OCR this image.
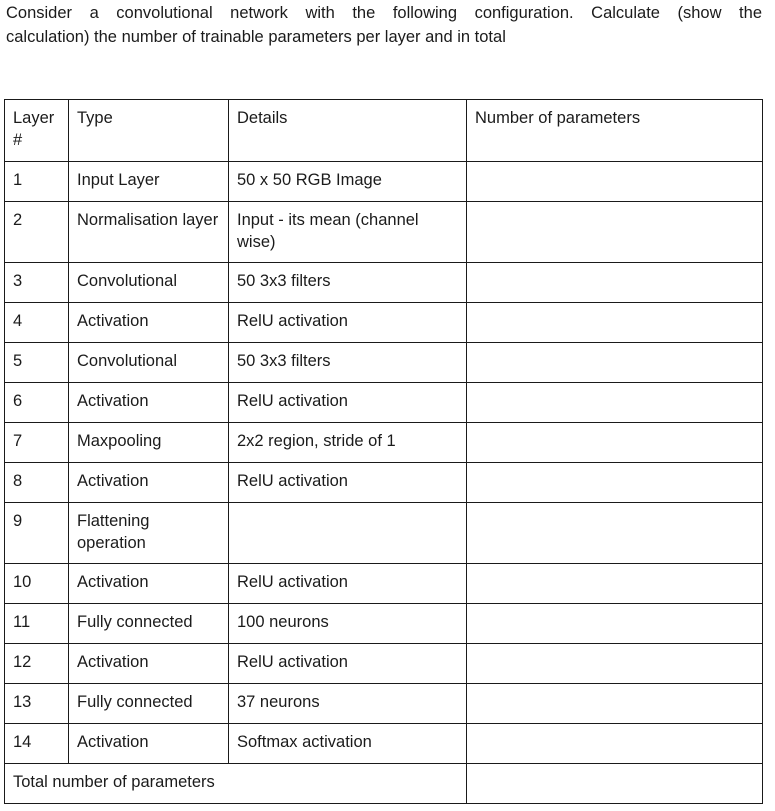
Consider a convolutional network with the following configuration. Calculate (show the
calculation) the number of trainable parameters per layer and in total
Layer #	Type	Details	Number of parameters
1	Input Layer	50 x 50 RGB Image	
2	Normalisation layer	Input - its mean (channel wise)	
3	Convolutional	50 3x3 filters	
4	Activation	RelU activation	
5	Convolutional	50 3x3 filters	
6	Activation	RelU activation	
7	Maxpooling	2x2 region, stride of 1	
8	Activation	RelU activation	
9	Flattening operation		
10	Activation	RelU activation	
11	Fully connected	100 neurons	
12	Activation	RelU activation	
13	Fully connected	37 neurons	
14	Activation	Softmax activation	
Total number of parameters			
